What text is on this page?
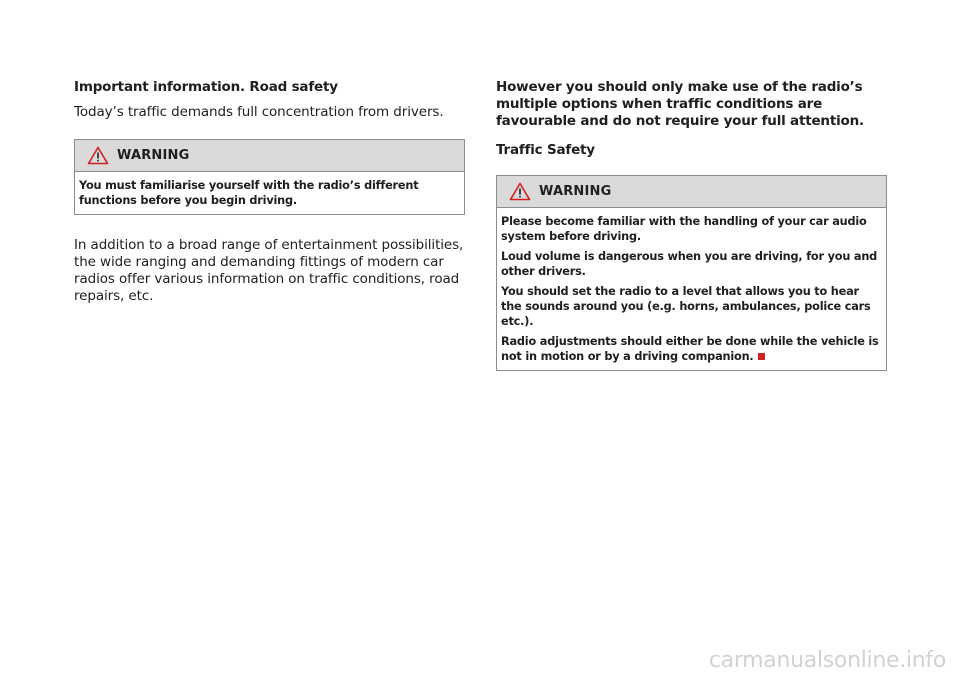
Important information. Road safety
Today’s traffic demands full concentration from drivers.
WARNING

You must familiarise yourself with the radio’s different functions before you begin driving.

In addition to a broad range of entertainment possibilities, the wide ranging and demanding fittings of modern car radios offer various information on traffic conditions, road repairs, etc.
However you should only make use of the radio’s multiple options when traffic conditions are favourable and do not require your full attention.
Traffic Safety
WARNING

Please become familiar with the handling of your car audio system before driving.

Loud volume is dangerous when you are driving, for you and other drivers.

You should set the radio to a level that allows you to hear the sounds around you (e.g. horns, ambulances, police cars etc.).

Radio adjustments should either be done while the vehicle is not in motion or by a driving companion.

carmanualsonline.info
